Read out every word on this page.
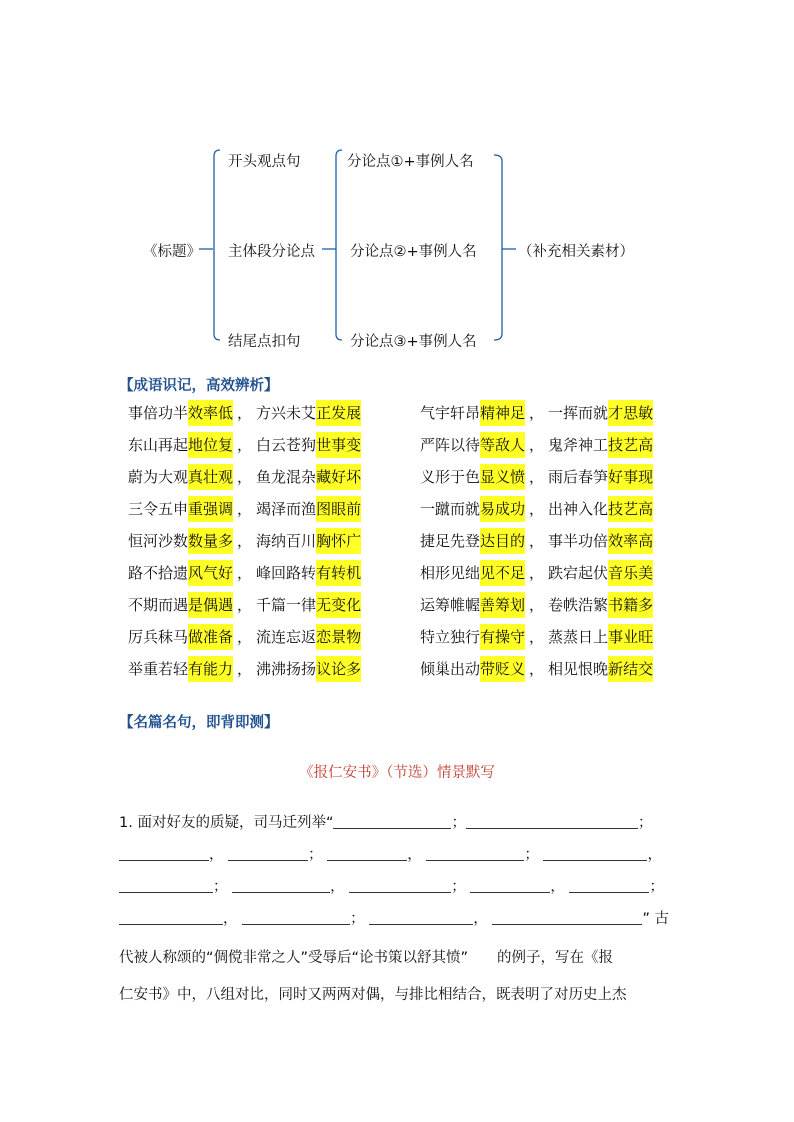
《标题》
开头观点句
主体段分论点
结尾点扣句
分论点①+事例人名
分论点②+事例人名
分论点③+事例人名
（补充相关素材）
【成语识记，高效辨析】
事倍功半效率低 ， 方兴未艾正发展	气宇轩昂精神足 ， 一挥而就才思敏
东山再起地位复 ， 白云苍狗世事变	严阵以待等敌人 ， 鬼斧神工技艺高
蔚为大观真壮观 ， 鱼龙混杂藏好坏	义形于色显义愤 ， 雨后春笋好事现
三令五申重强调 ， 竭泽而渔图眼前	一蹴而就易成功 ， 出神入化技艺高
恒河沙数数量多 ， 海纳百川胸怀广	捷足先登达目的 ， 事半功倍效率高
路不拾遗风气好 ， 峰回路转有转机	相形见绌见不足 ， 跌宕起伏音乐美
不期而遇是偶遇 ， 千篇一律无变化	运筹帷幄善筹划 ， 卷帙浩繁书籍多
厉兵秣马做准备 ， 流连忘返恋景物	特立独行有操守 ， 蒸蒸日上事业旺
举重若轻有能力 ， 沸沸扬扬议论多	倾巢出动带贬义 ， 相见恨晚新结交
【名篇名句，即背即测】
《报仁安书》（节选）情景默写
1. 面对好友的质疑，司马迁列举“	；	；
，	；	，	；	，
；	，	；	，	；
，	；	，	” 古
代被人称颂的“倜傥非常之人”受辱后“论书策以舒其愤”　　的例子，写在《报
仁安书》中，八组对比，同时又两两对偶，与排比相结合，既表明了对历史上杰
